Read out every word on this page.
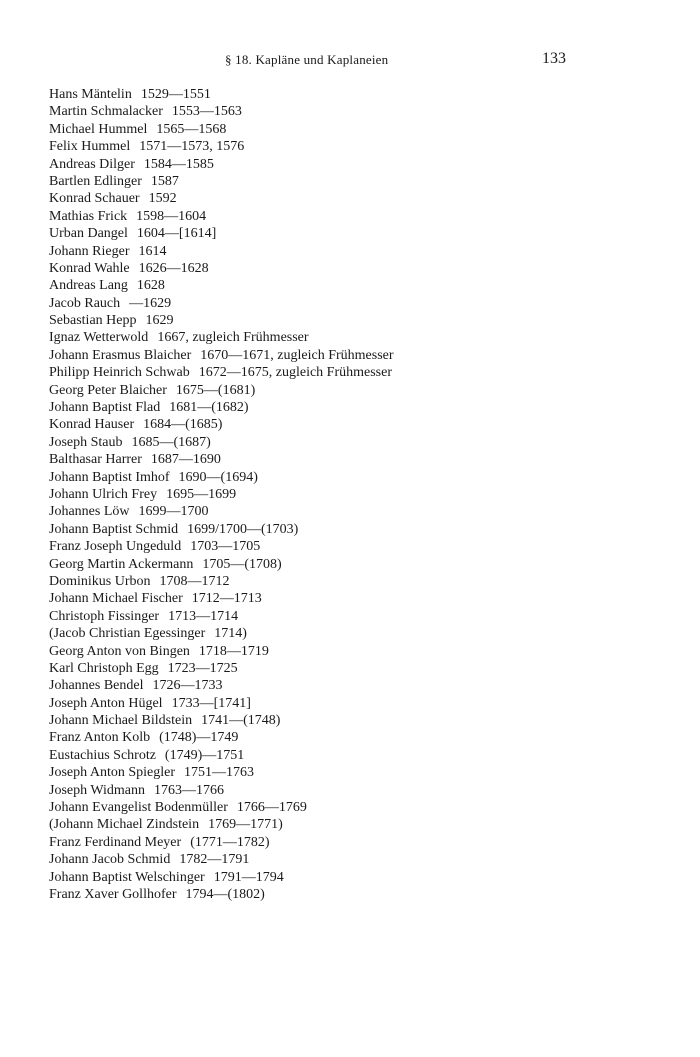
§ 18. Kapläne und Kaplaneien	133
Hans Mäntelin 1529—1551
Martin Schmalacker 1553—1563
Michael Hummel 1565—1568
Felix Hummel 1571—1573, 1576
Andreas Dilger 1584—1585
Bartlen Edlinger 1587
Konrad Schauer 1592
Mathias Frick 1598—1604
Urban Dangel 1604—[1614]
Johann Rieger 1614
Konrad Wahle 1626—1628
Andreas Lang 1628
Jacob Rauch —1629
Sebastian Hepp 1629
Ignaz Wetterwold 1667, zugleich Frühmesser
Johann Erasmus Blaicher 1670—1671, zugleich Frühmesser
Philipp Heinrich Schwab 1672—1675, zugleich Frühmesser
Georg Peter Blaicher 1675—(1681)
Johann Baptist Flad 1681—(1682)
Konrad Hauser 1684—(1685)
Joseph Staub 1685—(1687)
Balthasar Harrer 1687—1690
Johann Baptist Imhof 1690—(1694)
Johann Ulrich Frey 1695—1699
Johannes Löw 1699—1700
Johann Baptist Schmid 1699/1700—(1703)
Franz Joseph Ungeduld 1703—1705
Georg Martin Ackermann 1705—(1708)
Dominikus Urbon 1708—1712
Johann Michael Fischer 1712—1713
Christoph Fissinger 1713—1714
(Jacob Christian Egessinger 1714)
Georg Anton von Bingen 1718—1719
Karl Christoph Egg 1723—1725
Johannes Bendel 1726—1733
Joseph Anton Hügel 1733—[1741]
Johann Michael Bildstein 1741—(1748)
Franz Anton Kolb (1748)—1749
Eustachius Schrotz (1749)—1751
Joseph Anton Spiegler 1751—1763
Joseph Widmann 1763—1766
Johann Evangelist Bodenmüller 1766—1769
(Johann Michael Zindstein 1769—1771)
Franz Ferdinand Meyer (1771—1782)
Johann Jacob Schmid 1782—1791
Johann Baptist Welschinger 1791—1794
Franz Xaver Gollhofer 1794—(1802)
